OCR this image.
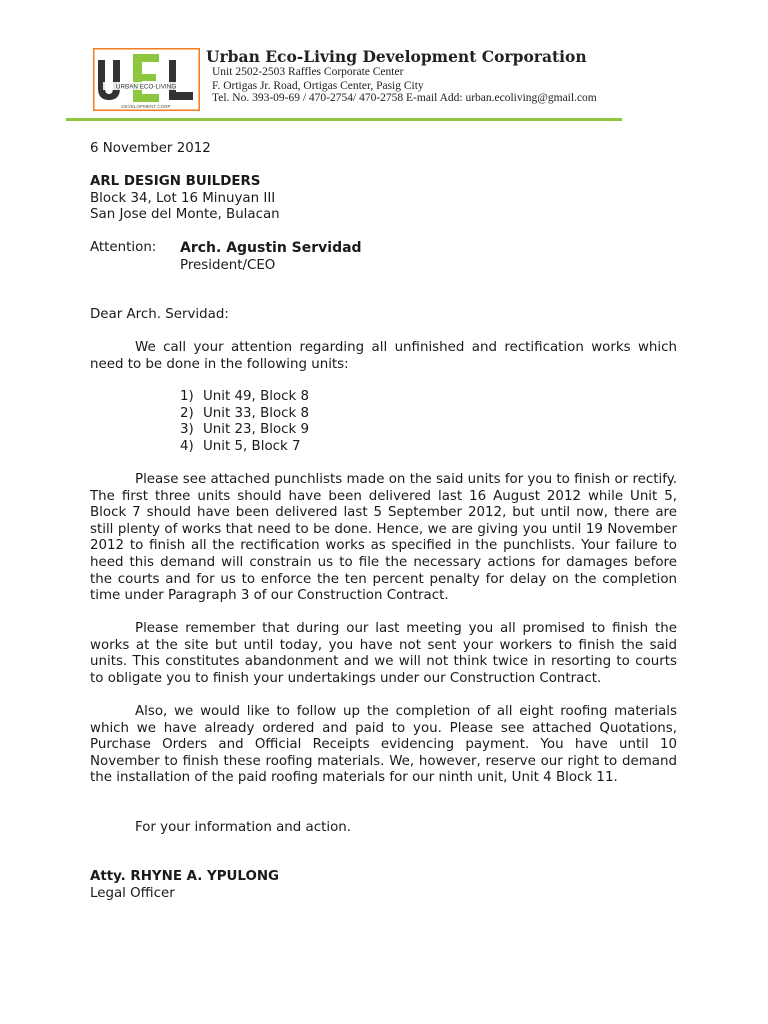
URBAN ECO-LIVING
DEVELOPMENT CORP
Urban Eco-Living Development Corporation
Unit 2502-2503 Raffles Corporate Center
F. Ortigas Jr. Road, Ortigas Center, Pasig City
Tel. No. 393-09-69 / 470-2754/ 470-2758 E-mail Add: urban.ecoliving@gmail.com
6 November 2012
ARL DESIGN BUILDERS
Block 34, Lot 16 Minuyan III
San Jose del Monte, Bulacan
Attention: Arch. Agustin Servidad
President/CEO
Dear Arch. Servidad:
We call your attention regarding all unfinished and rectification works which need to be done in the following units:
1) Unit 49, Block 8
2) Unit 33, Block 8
3) Unit 23, Block 9
4) Unit 5, Block 7
Please see attached punchlists made on the said units for you to finish or rectify. The first three units should have been delivered last 16 August 2012 while Unit 5, Block 7 should have been delivered last 5 September 2012, but until now, there are still plenty of works that need to be done. Hence, we are giving you until 19 November 2012 to finish all the rectification works as specified in the punchlists. Your failure to heed this demand will constrain us to file the necessary actions for damages before the courts and for us to enforce the ten percent penalty for delay on the completion time under Paragraph 3 of our Construction Contract.
Please remember that during our last meeting you all promised to finish the works at the site but until today, you have not sent your workers to finish the said units. This constitutes abandonment and we will not think twice in resorting to courts to obligate you to finish your undertakings under our Construction Contract.
Also, we would like to follow up the completion of all eight roofing materials which we have already ordered and paid to you. Please see attached Quotations, Purchase Orders and Official Receipts evidencing payment. You have until 10 November to finish these roofing materials. We, however, reserve our right to demand the installation of the paid roofing materials for our ninth unit, Unit 4 Block 11.
For your information and action.
Atty. RHYNE A. YPULONG
Legal Officer
